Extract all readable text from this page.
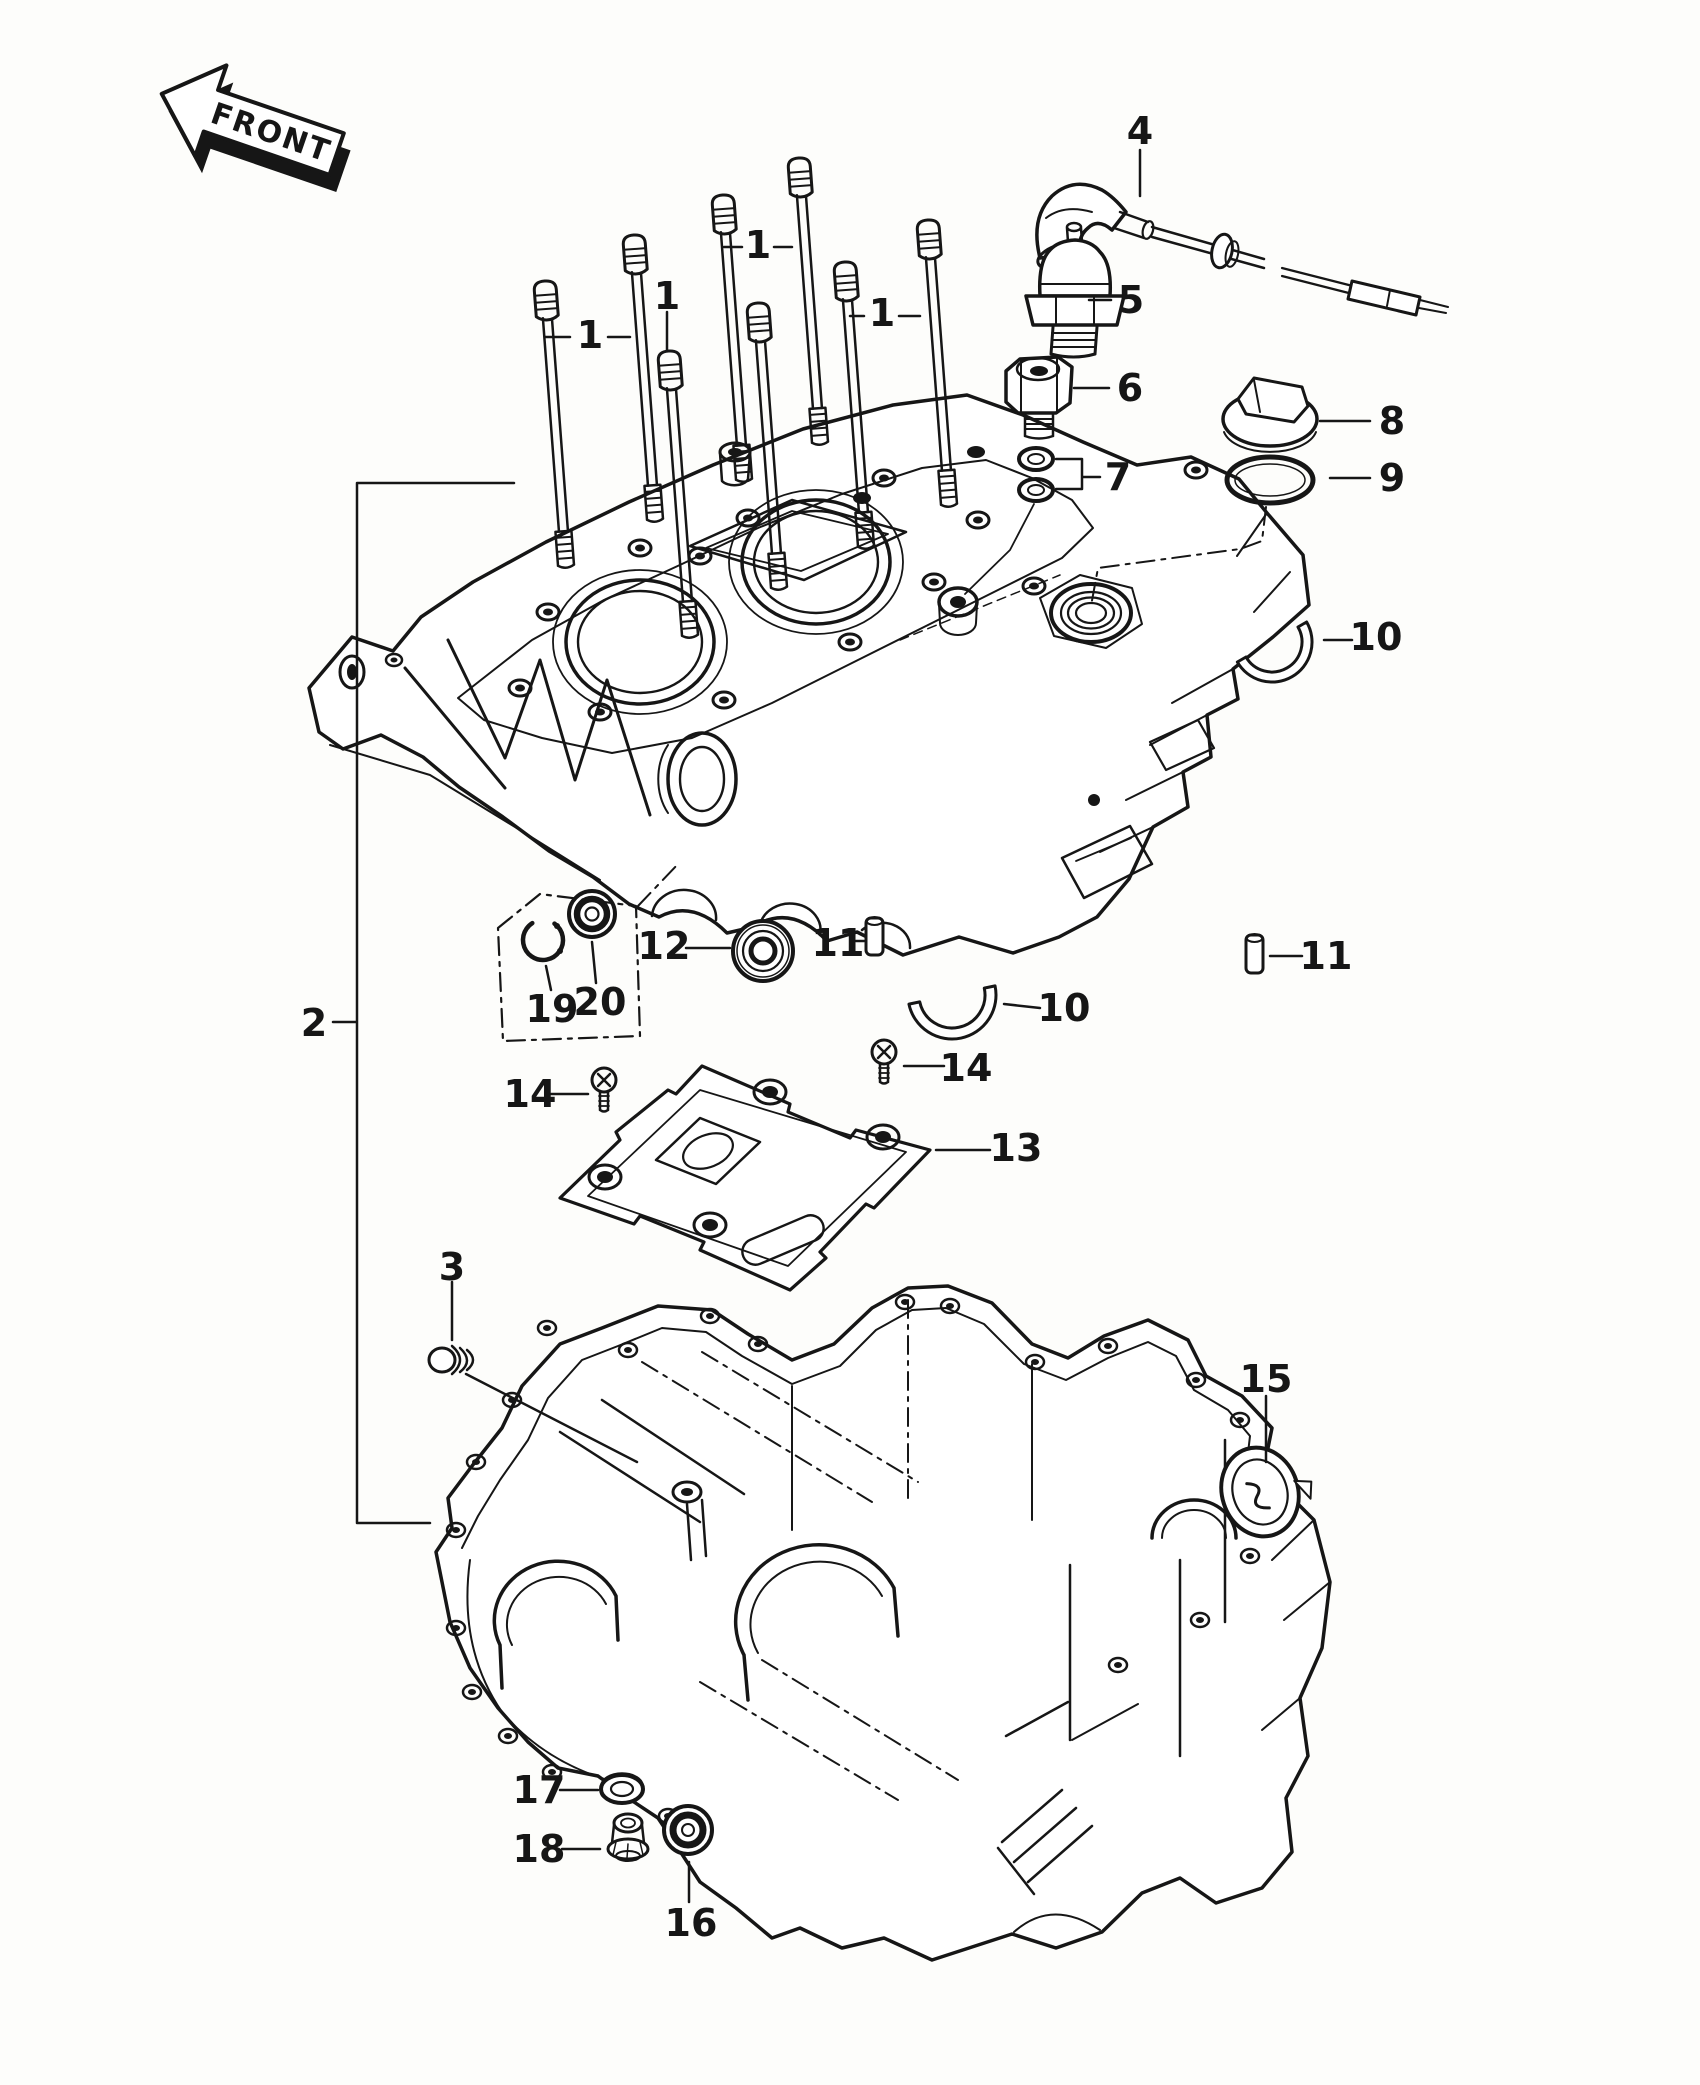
FRONT
1
1
1
1
2
3
4
5
6
7
8
9
10
10
11	11
12
13
14
14
15
16
17
18
19
20
